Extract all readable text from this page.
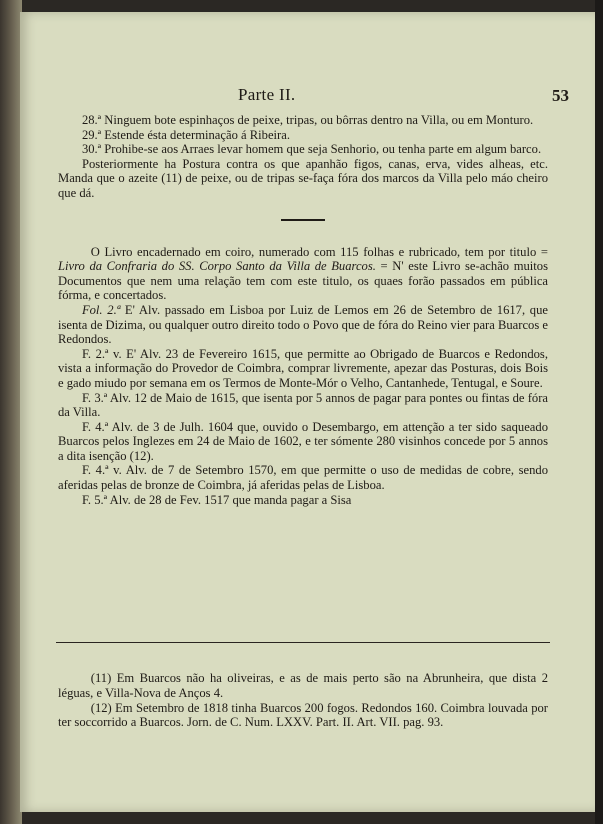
Parte II.	53

28.ª Ninguem bote espinhaços de peixe, tripas, ou bôrras dentro na Villa, ou em Monturo.

29.ª Estende ésta determinação á Ribeira.

30.ª Prohibe-se aos Arraes levar homem que seja Senhorio, ou tenha parte em algum barco.

Posteriormente ha Postura contra os que apanhão figos, canas, erva, vides alheas, etc. Manda que o azeite (11) de peixe, ou de tripas se-faça fóra dos marcos da Villa pelo máo cheiro que dá.

O Livro encadernado em coiro, numerado com 115 folhas e rubricado, tem por titulo = Livro da Confraria do SS. Corpo Santo da Villa de Buarcos. = N' este Livro se-achão muitos Documentos que nem uma relação tem com este titulo, os quaes forão passados em pública fórma, e concertados.

Fol. 2.ª E' Alv. passado em Lisboa por Luiz de Lemos em 26 de Setembro de 1617, que isenta de Dizima, ou qualquer outro direito todo o Povo que de fóra do Reino vier para Buarcos e Redondos.

F. 2.ª v. E' Alv. 23 de Fevereiro 1615, que permitte ao Obrigado de Buarcos e Redondos, vista a informação do Provedor de Coimbra, comprar livremente, apezar das Posturas, dois Bois e gado miudo por semana em os Termos de Monte-Mór o Velho, Cantanhede, Tentugal, e Soure.

F. 3.ª Alv. 12 de Maio de 1615, que isenta por 5 annos de pagar para pontes ou fintas de fóra da Villa.

F. 4.ª Alv. de 3 de Julh. 1604 que, ouvido o Desembargo, em attenção a ter sido saqueado Buarcos pelos Inglezes em 24 de Maio de 1602, e ter sómente 280 visinhos concede por 5 annos a dita isenção (12).

F. 4.ª v. Alv. de 7 de Setembro 1570, em que permitte o uso de medidas de cobre, sendo aferidas pelas de bronze de Coimbra, já aferidas pelas de Lisboa.

F. 5.ª Alv. de 28 de Fev. 1517 que manda pagar a Sisa

(11) Em Buarcos não ha oliveiras, e as de mais perto são na Abrunheira, que dista 2 léguas, e Villa-Nova de Anços 4.

(12) Em Setembro de 1818 tinha Buarcos 200 fogos. Redondos 160. Coimbra louvada por ter soccorrido a Buarcos. Jorn. de C. Num. LXXV. Part. II. Art. VII. pag. 93.
